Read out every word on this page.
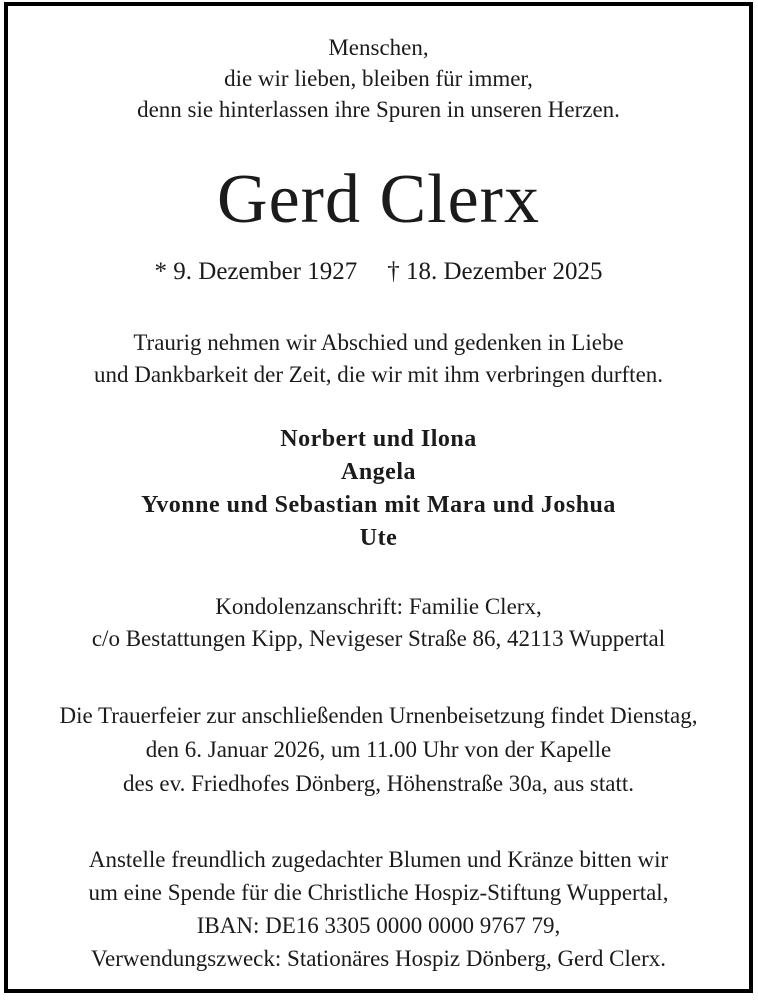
Menschen,
die wir lieben, bleiben für immer,
denn sie hinterlassen ihre Spuren in unseren Herzen.
Gerd Clerx
* 9. Dezember 1927 † 18. Dezember 2025
Traurig nehmen wir Abschied und gedenken in Liebe
und Dankbarkeit der Zeit, die wir mit ihm verbringen durften.
Norbert und Ilona
Angela
Yvonne und Sebastian mit Mara und Joshua
Ute
Kondolenzanschrift: Familie Clerx,
c/o Bestattungen Kipp, Nevigeser Straße 86, 42113 Wuppertal
Die Trauerfeier zur anschließenden Urnenbeisetzung findet Dienstag,
den 6. Januar 2026, um 11.00 Uhr von der Kapelle
des ev. Friedhofes Dönberg, Höhenstraße 30a, aus statt.
Anstelle freundlich zugedachter Blumen und Kränze bitten wir
um eine Spende für die Christliche Hospiz-Stiftung Wuppertal,
IBAN: DE16 3305 0000 0000 9767 79,
Verwendungszweck: Stationäres Hospiz Dönberg, Gerd Clerx.
